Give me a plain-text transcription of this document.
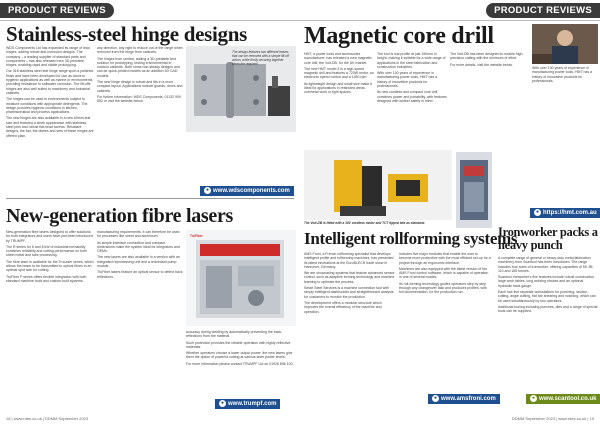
PRODUCT REVIEWS
Stainless-steel hinge designs

WDS Components Ltd has expanded its range of lead hinges, adding robust anti-corrosion designs. The company – a leading supplier of standard parts and components – has also released new 3D-printable hinges, enabling rapid and stable prototyping.

Our 316 stainless steel leaf hinge range sport a polished finish and have been developed for use as doors in hygienic applications as well as marine or environments providing resistance to saltwater corrosion. The lift-offs hinges are also well suited to machinery and industrial cabinets.

The hinges can be used in environments subject to moisture conditions with appropriate detergents. The design provides hygienic conditions in kitchen, pharmaceutical and process applications.

The new hinges are also available in a new 60mm leaf size and featured a sleek appearance with stainless-steel pins and robust flat-head screws. Resistant designs, the bar, the dishes and sets of these hinges are offered plain.

any direction, any right to reduce out of the range when removed from the hinge from cabinets.

The hinges from central, adding a 3D-printable test solution for prototyping, testing environmental in outdoor cabinets. Both come non-steady designs and can be quick-printed models as an addition 3D CAD models.

The new hinge design is robust and fits in a more compact layout. Applications include guards, doors and cabinets.

For further information: WDS Components, 01132 909 852 or visit the website below.

The design features two different leaves that can be removed with a simple lift-off action, while firmly securing together when the required
● www.wdscomponents.com
New-generation fibre lasers

New-generation fibre lasers designed to offer solutions for both integrators and users have just been introduced by TRUMPF.

The R series for 6 and 8 kW of industrial formability combines reliability and cutting performance on both sheet metal and tube processing.

The fibre laser is available for the TruLaser series, which allows the beam to be transmitted to optical fibres in an optimal spot size for cutting.

TruFiber P series offers flexible integration with both standard machine tools and custom-built systems.

manufacturing requirements. It can therefore be used for processes like sheet and aluminium.

Its simple interface connection and compact dimensions make the system ideal for integrators and OEMs.

The new lasers are also available in a version with an integrated reprocessing unit and a redundant pump module.

TruFiber lasers feature an optical sensor to detect back reflections.

TruFiber

accuracy during welding by automatically preventing the back-reflections from the material.

Such protection provides the reliable operation with highly reflective materials.

Whether operators choose a lower output power, the new lasers give them the option of powerful cutting at various laser power levels.

For more information please contact TRUMPF Ltd on 01926 896 100.

● www.trumpf.com
18 | www.rdes.co.uk | DDMM September 2023
PRODUCT REVIEWS
Magnetic core drill

HMT, a power tools and accessories manufacturer, has released a new magnetic core drill, the Volt-DB, for the UK market.

The new HMT model 3 is a high-speed magnetic drill and features a 720W motor, an electronic speed control and a 1450 rpm.

Its lightweight design and small size make it ideal for applications in restricted areas, overhead work or tight spaces.

The tool is low-profile at just 190mm in height, making it suitable for a wide range of applications in the steel fabrication and construction industries.

With over 100 years of experience in manufacturing power tools, HMT has a history of innovative products for professionals.

Its new cordless and compact core drill combines power and portability, with features designed with worker safety in mind.

The Volt-DB has been designed to enable high-precision cutting with the minimum of effort.

For more details, visit the website below.

With over 100 years of experience in manufacturing power tools, HMT has a history of innovative products for professionals.

The Volt-DB is fitted with a 18V cordless motor and TCT tipped bits as standard.
● https://hmt.com.au
Ironworker packs a heavy punch

A complete range of general or heavy-duty metal fabrication machinery from Scantool has been introduced. The range includes four sizes of ironworker, offering capacities of 55, 85, 110 and 165 tonnes.

Scantool Ironworker's five features include robust construction, large work tables, long working strokes and an optional hydraulic back gauge.

Each has five separate workstations for punching, section cutting, angle cutting, flat bar shearing and notching, which can be used simultaneously by two operators.

Additional tooling including punches, dies and a range of special tools can be supplied.

● www.scantool.co.uk
Intelligent rollforming systems

AMS Froni, a French rollforming specialist that develops intelligent profile and rollforming machines, has presented its latest innovations at the EuroBLECH trade show in Hannover, Germany.

We are showcasing systems that feature advanced sensor control, such as adaptive forming technology and machine learning to optimise the process.

Smart Steel Services is a machine connection tool with simply intelligent dashboards and straightforward analysis for customers to monitor the production.

The development offers a modular structure which improves the overall efficiency of the machine and operation.

includes five major modules that enable the user to become more productive with the most efficient set-up for a project through an ergonomic interface.

Machines are also equipped with the latest version of the AMS Froni control software, which is capable of operation in one of several modes.

Its roll-forming technology guides operators step by step through any changeover task and produces profiles, with full documentation, for the production run.

● www.amsfroni.com
DDMM September 2023 | www.rdes.co.uk | 19
